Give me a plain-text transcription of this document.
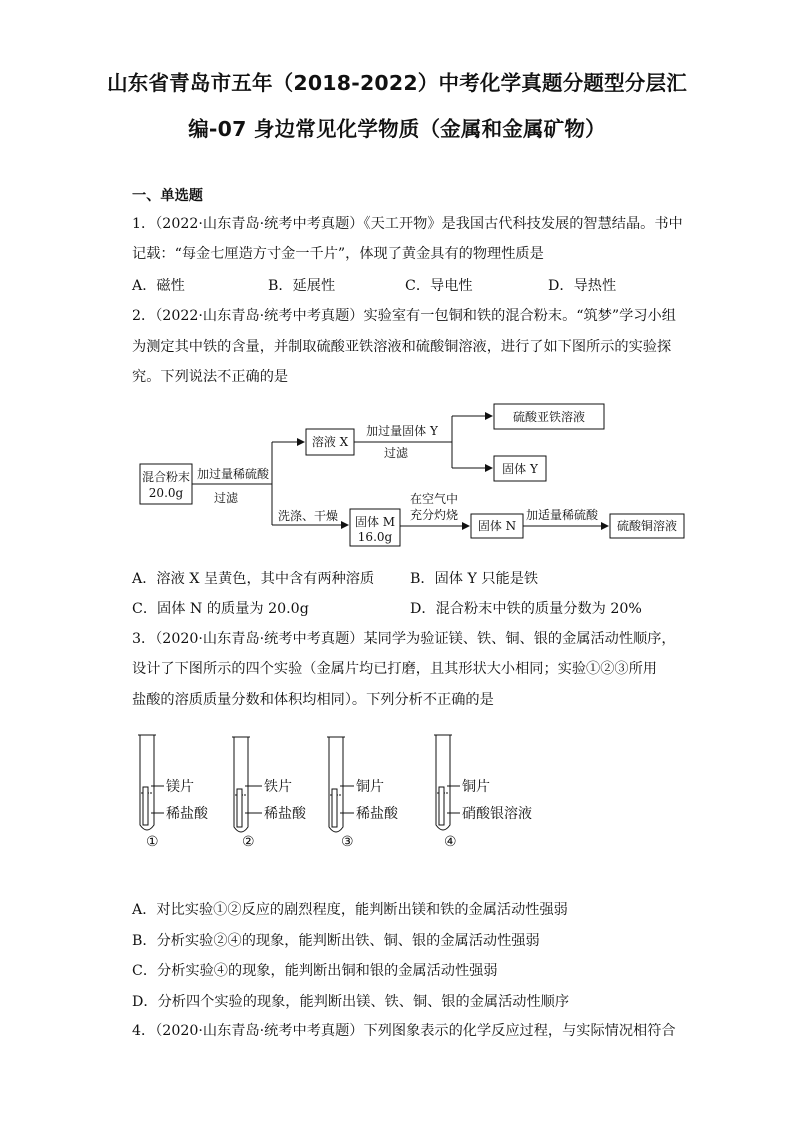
山东省青岛市五年（2018-2022）中考化学真题分题型分层汇
编-07 身边常见化学物质（金属和金属矿物）
一、单选题
1．（2022·山东青岛·统考中考真题）《天工开物》是我国古代科技发展的智慧结晶。书中
记载：“每金七厘造方寸金一千片”，体现了黄金具有的物理性质是
A．磁性	B．延展性	C．导电性	D．导热性
2．（2022·山东青岛·统考中考真题）实验室有一包铜和铁的混合粉末。“筑梦”学习小组
为测定其中铁的含量，并制取硫酸亚铁溶液和硫酸铜溶液，进行了如下图所示的实验探
究。下列说法不正确的是
混合粉末
20.0g
加过量稀硫酸
过滤
溶液 X
加过量固体 Y
过滤
硫酸亚铁溶液
固体 Y
洗涤、干燥 固体 M
16.0g
在空气中
充分灼烧
固体 N
加适量稀硫酸
硫酸铜溶液
A．溶液 X 呈黄色，其中含有两种溶质	B．固体 Y 只能是铁
C．固体 N 的质量为 20.0g	D．混合粉末中铁的质量分数为 20%
3．（2020·山东青岛·统考中考真题）某同学为验证镁、铁、铜、银的金属活动性顺序，
设计了下图所示的四个实验（金属片均已打磨，且其形状大小相同；实验①②③所用
盐酸的溶质质量分数和体积均相同）。下列分析不正确的是
镁片
稀盐酸
①
铁片
稀盐酸
②
铜片
稀盐酸
③
铜片
硝酸银溶液
④
A．对比实验①②反应的剧烈程度，能判断出镁和铁的金属活动性强弱
B．分析实验②④的现象，能判断出铁、铜、银的金属活动性强弱
C．分析实验④的现象，能判断出铜和银的金属活动性强弱
D．分析四个实验的现象，能判断出镁、铁、铜、银的金属活动性顺序
4．（2020·山东青岛·统考中考真题）下列图象表示的化学反应过程，与实际情况相符合
